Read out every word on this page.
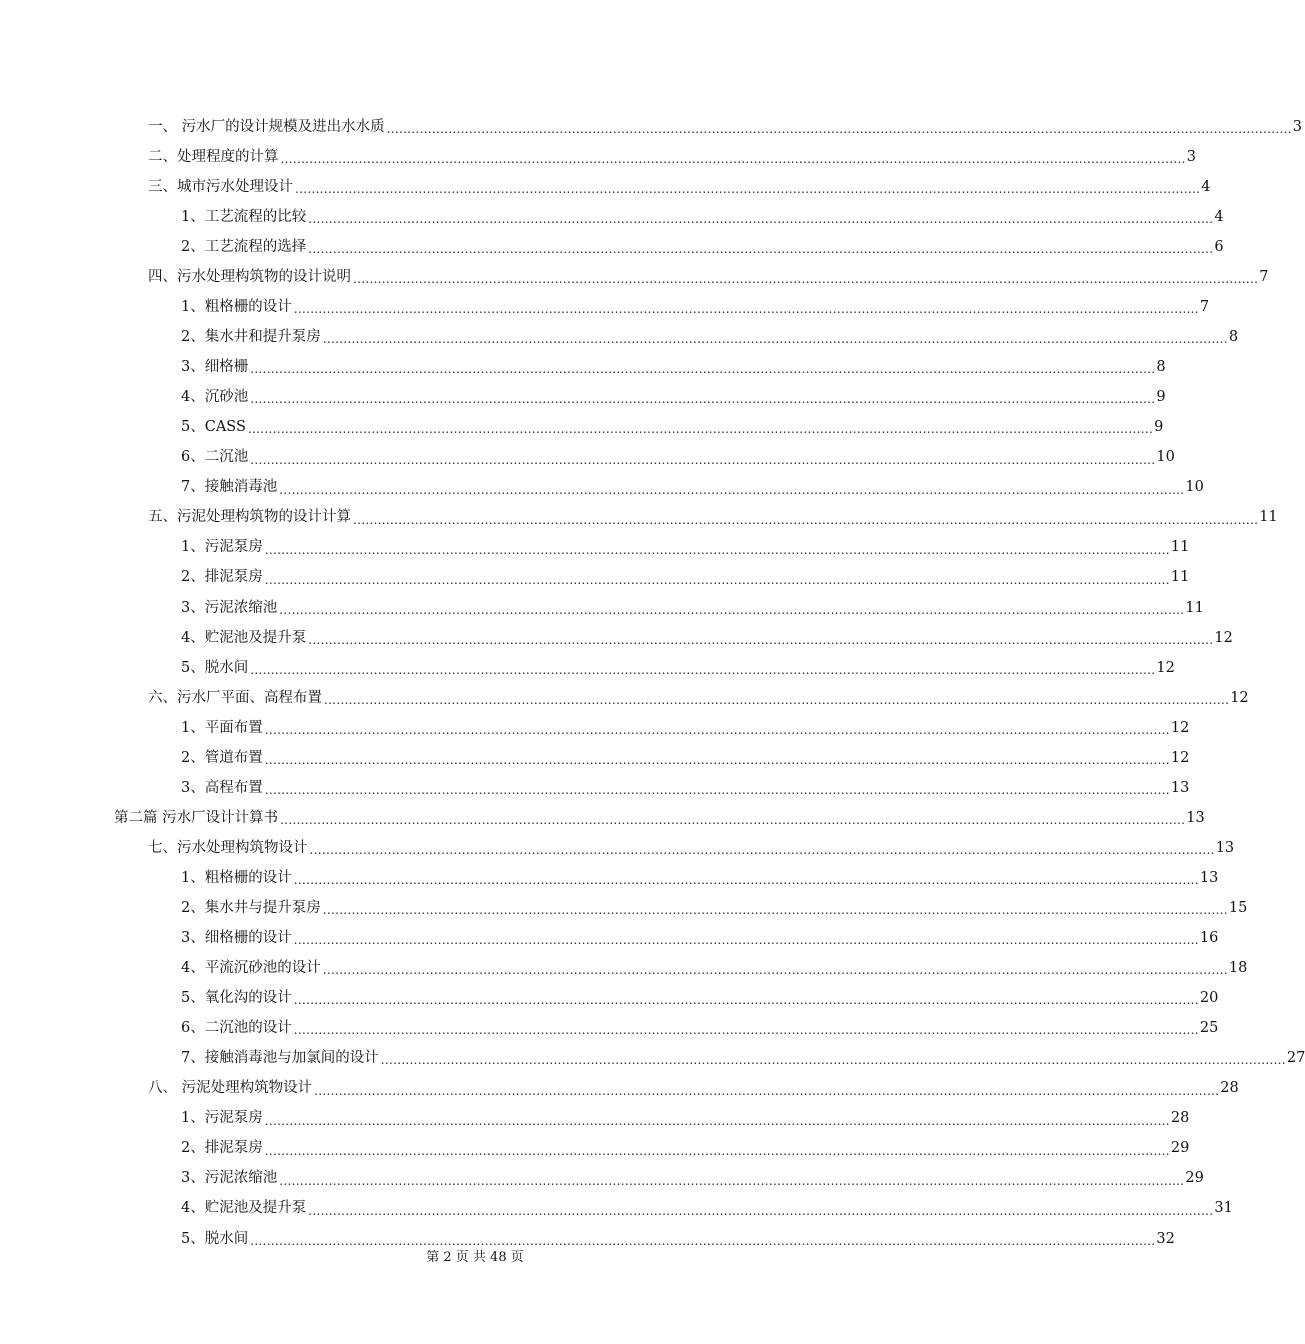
一、 污水厂的设计规模及进出水水质 ............................................................................................................................................................................................................................ 3
二、处理程度的计算 ............................................................................................................................................................................................................................ 3
三、城市污水处理设计 ............................................................................................................................................................................................................................ 4
1、工艺流程的比较 ............................................................................................................................................................................................................................ 4
2、工艺流程的选择 ............................................................................................................................................................................................................................ 6
四、污水处理构筑物的设计说明 ............................................................................................................................................................................................................................ 7
1、粗格栅的设计 ............................................................................................................................................................................................................................ 7
2、集水井和提升泵房 ............................................................................................................................................................................................................................ 8
3、细格栅 ............................................................................................................................................................................................................................ 8
4、沉砂池 ............................................................................................................................................................................................................................ 9
5、CASS ............................................................................................................................................................................................................................ 9
6、二沉池 ............................................................................................................................................................................................................................ 10
7、接触消毒池 ............................................................................................................................................................................................................................ 10
五、污泥处理构筑物的设计计算 ............................................................................................................................................................................................................................ 11
1、污泥泵房 ............................................................................................................................................................................................................................ 11
2、排泥泵房 ............................................................................................................................................................................................................................ 11
3、污泥浓缩池 ............................................................................................................................................................................................................................ 11
4、贮泥池及提升泵 ............................................................................................................................................................................................................................ 12
5、脱水间 ............................................................................................................................................................................................................................ 12
六、污水厂平面、高程布置 ............................................................................................................................................................................................................................ 12
1、平面布置 ............................................................................................................................................................................................................................ 12
2、管道布置 ............................................................................................................................................................................................................................ 12
3、高程布置 ............................................................................................................................................................................................................................ 13
第二篇 污水厂设计计算书 ............................................................................................................................................................................................................................ 13
七、污水处理构筑物设计 ............................................................................................................................................................................................................................ 13
1、粗格栅的设计 ............................................................................................................................................................................................................................ 13
2、集水井与提升泵房 ............................................................................................................................................................................................................................ 15
3、细格栅的设计 ............................................................................................................................................................................................................................ 16
4、平流沉砂池的设计 ............................................................................................................................................................................................................................ 18
5、氧化沟的设计 ............................................................................................................................................................................................................................ 20
6、二沉池的设计 ............................................................................................................................................................................................................................ 25
7、接触消毒池与加氯间的设计 ............................................................................................................................................................................................................................ 27
八、 污泥处理构筑物设计 ............................................................................................................................................................................................................................ 28
1、污泥泵房 ............................................................................................................................................................................................................................ 28
2、排泥泵房 ............................................................................................................................................................................................................................ 29
3、污泥浓缩池 ............................................................................................................................................................................................................................ 29
4、贮泥池及提升泵 ............................................................................................................................................................................................................................ 31
5、脱水间 ............................................................................................................................................................................................................................ 32
第 2 页 共 48 页
